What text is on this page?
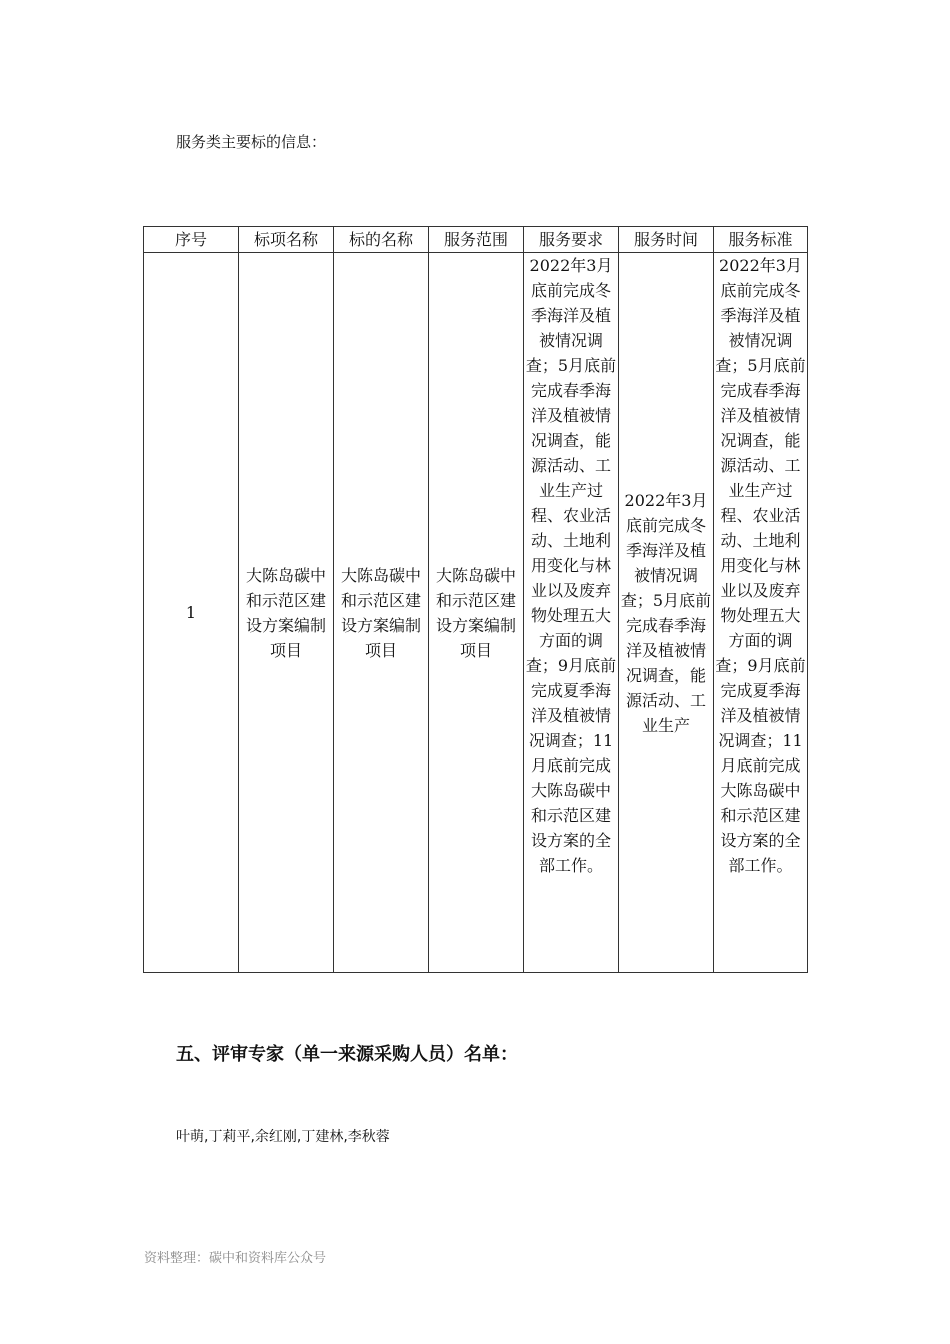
服务类主要标的信息：
序号	标项名称	标的名称	服务范围	服务要求	服务时间	服务标准
1	大陈岛碳中和示范区建设方案编制项目	大陈岛碳中和示范区建设方案编制项目	大陈岛碳中和示范区建设方案编制项目	2022年3月底前完成冬季海洋及植被情况调查；5月底前完成春季海洋及植被情况调查，能源活动、工业生产过程、农业活动、土地利用变化与林业以及废弃物处理五大方面的调查；9月底前完成夏季海洋及植被情况调查；11月底前完成大陈岛碳中和示范区建设方案的全部工作。	2022年3月底前完成冬季海洋及植被情况调查；5月底前完成春季海洋及植被情况调查，能源活动、工业生产	2022年3月底前完成冬季海洋及植被情况调查；5月底前完成春季海洋及植被情况调查，能源活动、工业生产过程、农业活动、土地利用变化与林业以及废弃物处理五大方面的调查；9月底前完成夏季海洋及植被情况调查；11月底前完成大陈岛碳中和示范区建设方案的全部工作。
五、评审专家（单一来源采购人员）名单：
叶萌,丁莉平,余红刚,丁建林,李秋蓉
资料整理：碳中和资料库公众号
